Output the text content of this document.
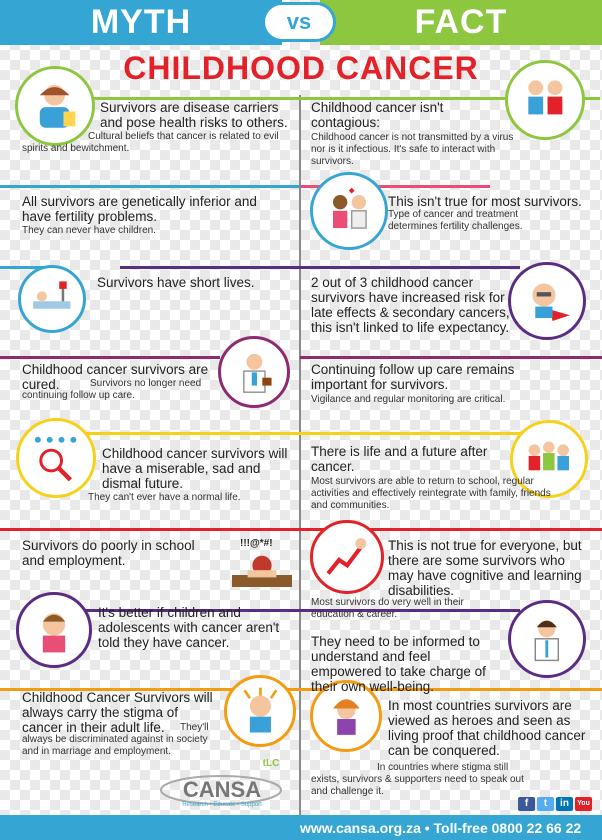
MYTH	FACT
vs
CHILDHOOD CANCER
!!!@*#!
Survivors are disease carriers and pose health risks to others.
Cultural beliefs that cancer is related to evil spirits and bewitchment.
Childhood cancer isn't contagious:
Childhood cancer is not transmitted by a virus nor is it infectious. It's safe to interact with survivors.
All survivors are genetically inferior and have fertility problems.
They can never have children.
This isn't true for most survivors.
Type of cancer and treatment determines fertility challenges.
Survivors have short lives.	2 out of 3 childhood cancer survivors have increased risk for late effects & secondary cancers, this isn't linked to life expectancy.
Childhood cancer survivors are cured.	Survivors no longer need continuing follow up care.
Continuing follow up care remains important for survivors.
Vigilance and regular monitoring are critical.
Childhood cancer survivors will have a miserable, sad and dismal future.
They can't ever have a normal life.
There is life and a future after cancer.
Most survivors are able to return to school, regular activities and effectively reintegrate with family, friends and communities.
Survivors do poorly in school and employment.
This is not true for everyone, but there are some survivors who may have cognitive and learning disabilities.
Most survivors do very well in their education & career.
It's better if children and adolescents with cancer aren't told they have cancer.	They need to be informed to understand and feel empowered to take charge of their own well-being.
Childhood Cancer Survivors will always carry the stigma of cancer in their adult life.	They'll always be discriminated against in society and in marriage and employment.
In most countries survivors are viewed as heroes and seen as living proof that childhood cancer can be conquered.
In countries where stigma still exists, survivors & supporters need to speak out and challenge it.
CANSA
Research • Educate • Support
tLC
f	t	in	You
www.cansa.org.za • Toll-free 0800 22 66 22
